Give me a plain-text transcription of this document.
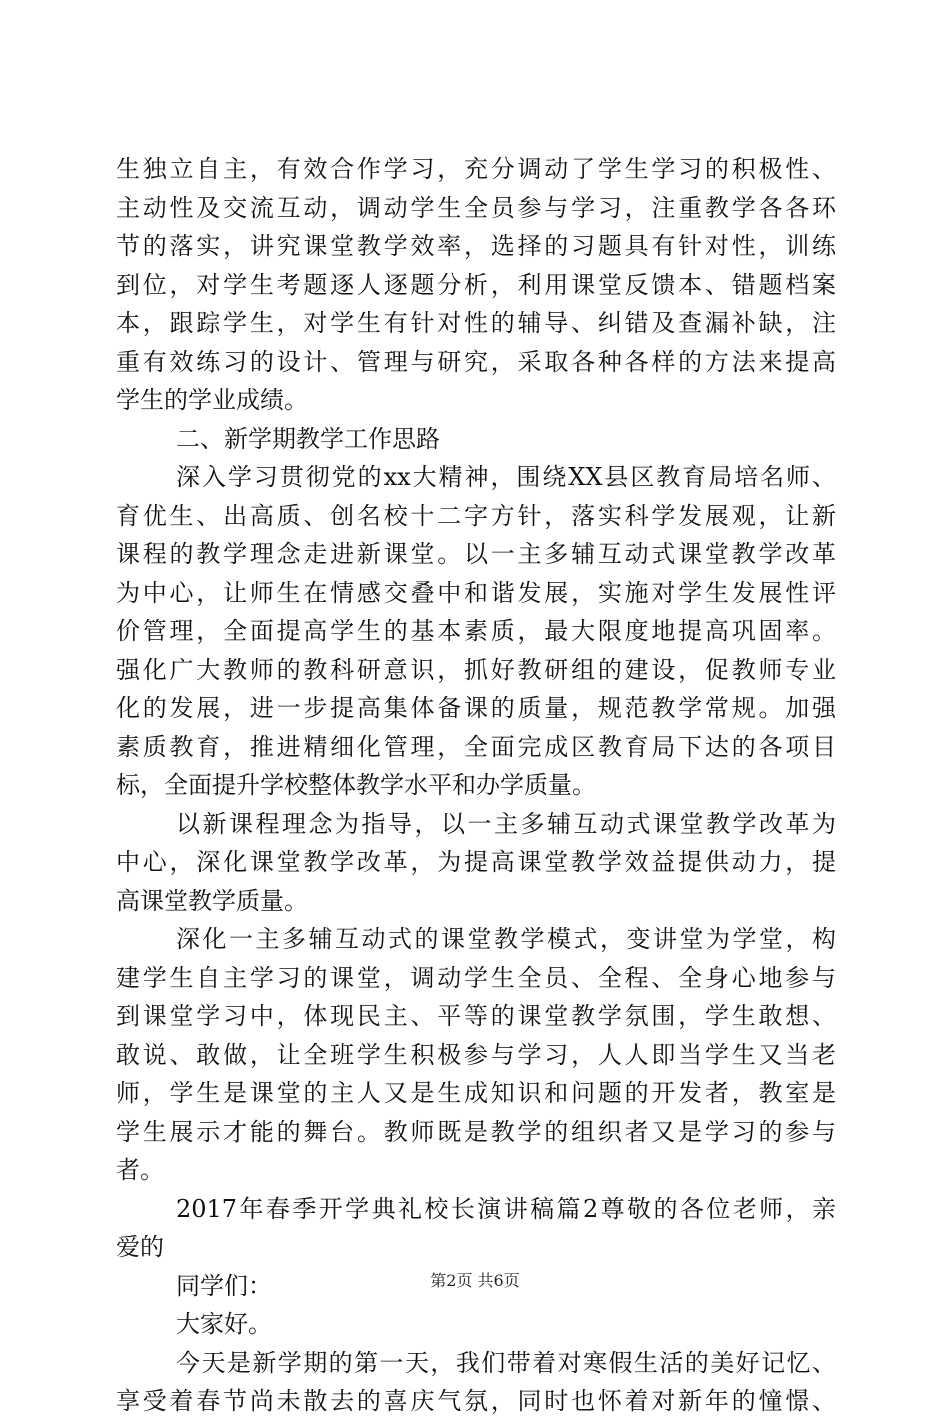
生独立自主，有效合作学习，充分调动了学生学习的积极性、
主动性及交流互动，调动学生全员参与学习，注重教学各各环
节的落实，讲究课堂教学效率，选择的习题具有针对性，训练
到位，对学生考题逐人逐题分析，利用课堂反馈本、错题档案
本，跟踪学生，对学生有针对性的辅导、纠错及查漏补缺，注
重有效练习的设计、管理与研究，采取各种各样的方法来提高
学生的学业成绩。
二、新学期教学工作思路
深入学习贯彻党的xx大精神，围绕XX县区教育局培名师、
育优生、出高质、创名校十二字方针，落实科学发展观，让新
课程的教学理念走进新课堂。以一主多辅互动式课堂教学改革
为中心，让师生在情感交叠中和谐发展，实施对学生发展性评
价管理，全面提高学生的基本素质，最大限度地提高巩固率。
强化广大教师的教科研意识，抓好教研组的建设，促教师专业
化的发展，进一步提高集体备课的质量，规范教学常规。加强
素质教育，推进精细化管理，全面完成区教育局下达的各项目
标，全面提升学校整体教学水平和办学质量。
以新课程理念为指导，以一主多辅互动式课堂教学改革为
中心，深化课堂教学改革，为提高课堂教学效益提供动力，提
高课堂教学质量。
深化一主多辅互动式的课堂教学模式，变讲堂为学堂，构
建学生自主学习的课堂，调动学生全员、全程、全身心地参与
到课堂学习中，体现民主、平等的课堂教学氛围，学生敢想、
敢说、敢做，让全班学生积极参与学习，人人即当学生又当老
师，学生是课堂的主人又是生成知识和问题的开发者，教室是
学生展示才能的舞台。教师既是教学的组织者又是学习的参与
者。
2017年春季开学典礼校长演讲稿篇2尊敬的各位老师，亲
爱的
同学们：
大家好。
今天是新学期的第一天，我们带着对寒假生活的美好记忆、
享受着春节尚未散去的喜庆气氛，同时也怀着对新年的憧憬、
第2页 共6页
